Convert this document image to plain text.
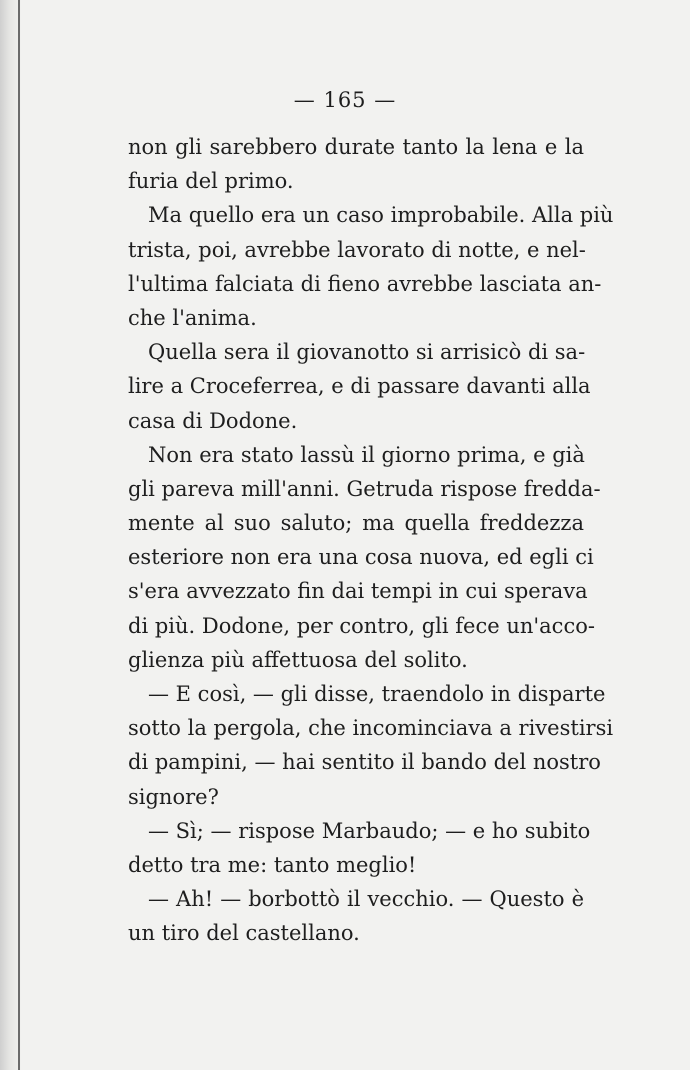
— 165 —
non gli sarebbero durate tanto la lena e la
furia del primo.
Ma quello era un caso improbabile. Alla più
trista, poi, avrebbe lavorato di notte, e nel-
l'ultima falciata di fieno avrebbe lasciata an-
che l'anima.
Quella sera il giovanotto si arrisicò di sa-
lire a Croceferrea, e di passare davanti alla
casa di Dodone.
Non era stato lassù il giorno prima, e già
gli pareva mill'anni. Getruda rispose fredda-
mente al suo saluto; ma quella freddezza
esteriore non era una cosa nuova, ed egli ci
s'era avvezzato fin dai tempi in cui sperava
di più. Dodone, per contro, gli fece un'acco-
glienza più affettuosa del solito.
— E così, — gli disse, traendolo in disparte
sotto la pergola, che incominciava a rivestirsi
di pampini, — hai sentito il bando del nostro
signore?
— Sì; — rispose Marbaudo; — e ho subito
detto tra me: tanto meglio!
— Ah! — borbottò il vecchio. — Questo è
un tiro del castellano.
